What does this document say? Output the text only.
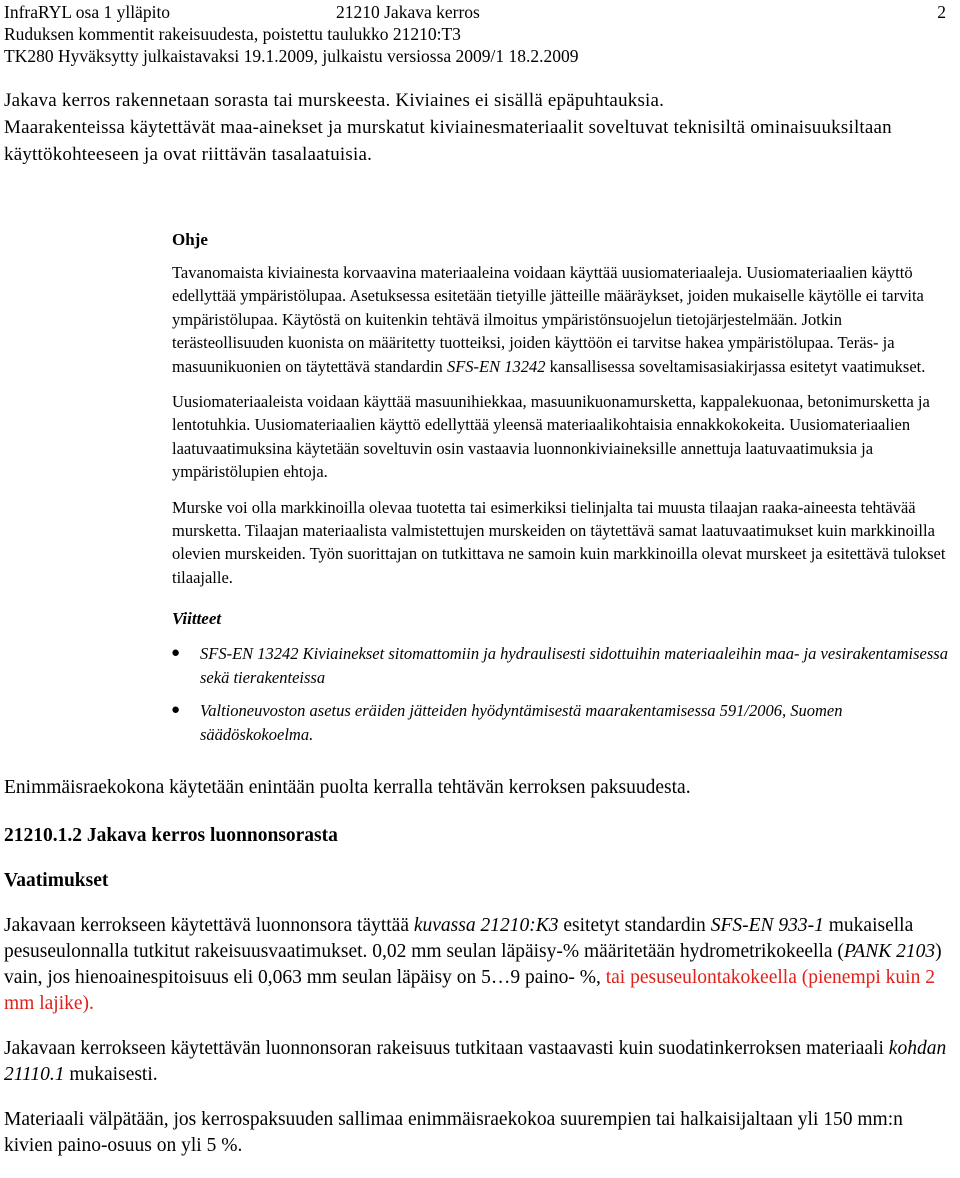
InfraRYL osa 1 ylläpito	21210 Jakava kerros	2
Ruduksen kommentit rakeisuudesta, poistettu taulukko 21210:T3
TK280 Hyväksytty julkaistavaksi 19.1.2009, julkaistu versiossa 2009/1 18.2.2009

Jakava kerros rakennetaan sorasta tai murskeesta. Kiviaines ei sisällä epäpuhtauksia.

Maarakenteissa käytettävät maa-ainekset ja murskatut kiviainesmateriaalit soveltuvat teknisiltä ominaisuuksiltaan käyttökohteeseen ja ovat riittävän tasalaatuisia.

Ohje

Tavanomaista kiviainesta korvaavina materiaaleina voidaan käyttää uusiomateriaaleja. Uusiomateriaalien käyttö edellyttää ympäristölupaa. Asetuksessa esitetään tietyille jätteille määräykset, joiden mukaiselle käytölle ei tarvita ympäristölupaa. Käytöstä on kuitenkin tehtävä ilmoitus ympäristönsuojelun tietojärjestelmään. Jotkin terästeollisuuden kuonista on määritetty tuotteiksi, joiden käyttöön ei tarvitse hakea ympäristölupaa. Teräs- ja masuunikuonien on täytettävä standardin SFS-EN 13242 kansallisessa soveltamisasiakirjassa esitetyt vaatimukset.

Uusiomateriaaleista voidaan käyttää masuunihiekkaa, masuunikuonamursketta, kappalekuonaa, betonimursketta ja lentotuhkia. Uusiomateriaalien käyttö edellyttää yleensä materiaalikohtaisia ennakkokokeita. Uusiomateriaalien laatuvaatimuksina käytetään soveltuvin osin vastaavia luonnonkiviaineksille annettuja laatuvaatimuksia ja ympäristölupien ehtoja.

Murske voi olla markkinoilla olevaa tuotetta tai esimerkiksi tielinjalta tai muusta tilaajan raaka-aineesta tehtävää mursketta. Tilaajan materiaalista valmistettujen murskeiden on täytettävä samat laatuvaatimukset kuin markkinoilla olevien murskeiden. Työn suorittajan on tutkittava ne samoin kuin markkinoilla olevat murskeet ja esitettävä tulokset tilaajalle.

Viitteet
● SFS-EN 13242 Kiviainekset sitomattomiin ja hydraulisesti sidottuihin materiaaleihin maa- ja vesirakentamisessa sekä tierakenteissa
● Valtioneuvoston asetus eräiden jätteiden hyödyntämisestä maarakentamisessa 591/2006, Suomen säädöskokoelma.

Enimmäisraekokona käytetään enintään puolta kerralla tehtävän kerroksen paksuudesta.

21210.1.2 Jakava kerros luonnonsorasta
Vaatimukset

Jakavaan kerrokseen käytettävä luonnonsora täyttää kuvassa 21210:K3 esitetyt standardin SFS-EN 933-1 mukaisella pesuseulonnalla tutkitut rakeisuusvaatimukset. 0,02 mm seulan läpäisy-% määritetään hydrometrikokeella (PANK 2103) vain, jos hienoainespitoisuus eli 0,063 mm seulan läpäisy on 5…9 paino- %, tai pesuseulontakokeella (pienempi kuin 2 mm lajike).

Jakavaan kerrokseen käytettävän luonnonsoran rakeisuus tutkitaan vastaavasti kuin suodatinkerroksen materiaali kohdan 21110.1 mukaisesti.

Materiaali välpätään, jos kerrospaksuuden sallimaa enimmäisraekokoa suurempien tai halkaisijaltaan yli 150 mm:n kivien paino-osuus on yli 5 %.
